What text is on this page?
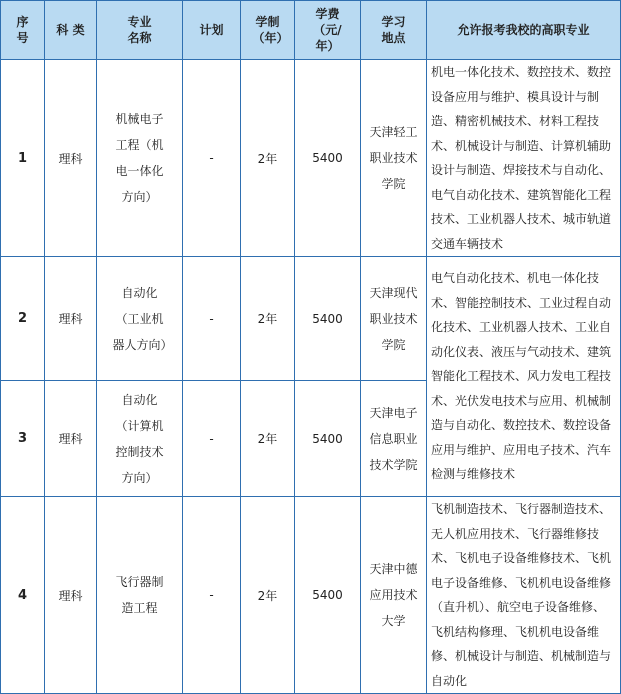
序号	科 类	专业名称	计划	学制（年）	学费（元/年）	学习地点	允许报考我校的高职专业
1	理科	机械电子工程（机电一体化方向）	-	2年	5400	天津轻工职业技术学院	机电一体化技术、数控技术、数控设备应用与维护、模具设计与制造、精密机械技术、材料工程技术、机械设计与制造、计算机辅助设计与制造、焊接技术与自动化、电气自动化技术、建筑智能化工程技术、工业机器人技术、城市轨道交通车辆技术
2	理科	自动化（工业机器人方向）	-	2年	5400	天津现代职业技术学院	电气自动化技术、机电一体化技术、智能控制技术、工业过程自动化技术、工业机器人技术、工业自动化仪表、液压与气动技术、建筑智能化工程技术、风力发电工程技术、光伏发电技术与应用、机械制造与自动化、数控技术、数控设备应用与维护、应用电子技术、汽车检测与维修技术
3	理科	自动化（计算机控制技术方向）	-	2年	5400	天津电子信息职业技术学院	
4	理科	飞行器制造工程	-	2年	5400	天津中德应用技术大学	飞机制造技术、飞行器制造技术、无人机应用技术、飞行器维修技术、飞机电子设备维修技术、飞机电子设备维修、飞机机电设备维修（直升机）、航空电子设备维修、飞机结构修理、飞机机电设备维修、机械设计与制造、机械制造与自动化
